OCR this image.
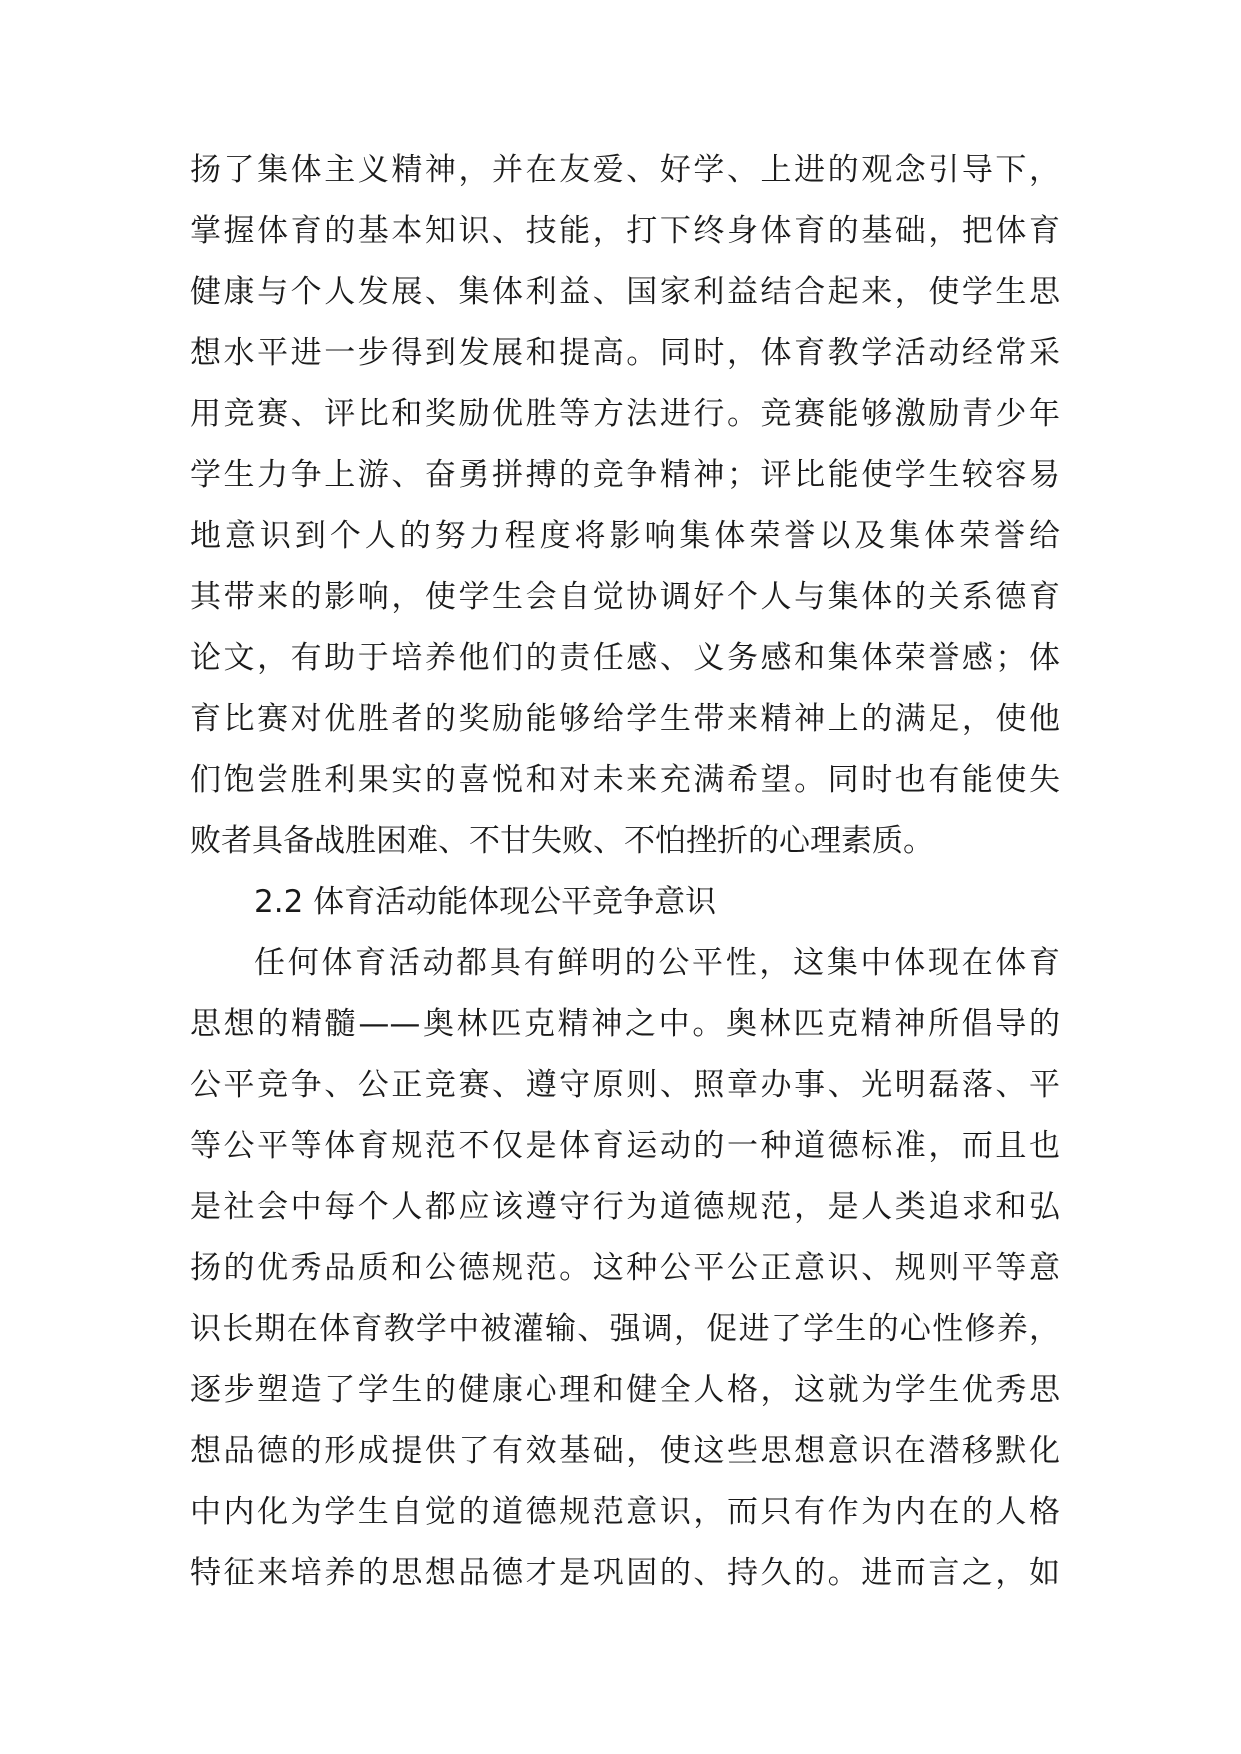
扬了集体主义精神，并在友爱、好学、上进的观念引导下，
掌握体育的基本知识、技能，打下终身体育的基础，把体育
健康与个人发展、集体利益、国家利益结合起来，使学生思
想水平进一步得到发展和提高。同时，体育教学活动经常采
用竞赛、评比和奖励优胜等方法进行。竞赛能够激励青少年
学生力争上游、奋勇拼搏的竞争精神；评比能使学生较容易
地意识到个人的努力程度将影响集体荣誉以及集体荣誉给
其带来的影响，使学生会自觉协调好个人与集体的关系德育
论文，有助于培养他们的责任感、义务感和集体荣誉感；体
育比赛对优胜者的奖励能够给学生带来精神上的满足，使他
们饱尝胜利果实的喜悦和对未来充满希望。同时也有能使失
败者具备战胜困难、不甘失败、不怕挫折的心理素质。
2.2 体育活动能体现公平竞争意识
任何体育活动都具有鲜明的公平性，这集中体现在体育
思想的精髓——奥林匹克精神之中。奥林匹克精神所倡导的
公平竞争、公正竞赛、遵守原则、照章办事、光明磊落、平
等公平等体育规范不仅是体育运动的一种道德标准，而且也
是社会中每个人都应该遵守行为道德规范，是人类追求和弘
扬的优秀品质和公德规范。这种公平公正意识、规则平等意
识长期在体育教学中被灌输、强调，促进了学生的心性修养，
逐步塑造了学生的健康心理和健全人格，这就为学生优秀思
想品德的形成提供了有效基础，使这些思想意识在潜移默化
中内化为学生自觉的道德规范意识，而只有作为内在的人格
特征来培养的思想品德才是巩固的、持久的。进而言之，如
